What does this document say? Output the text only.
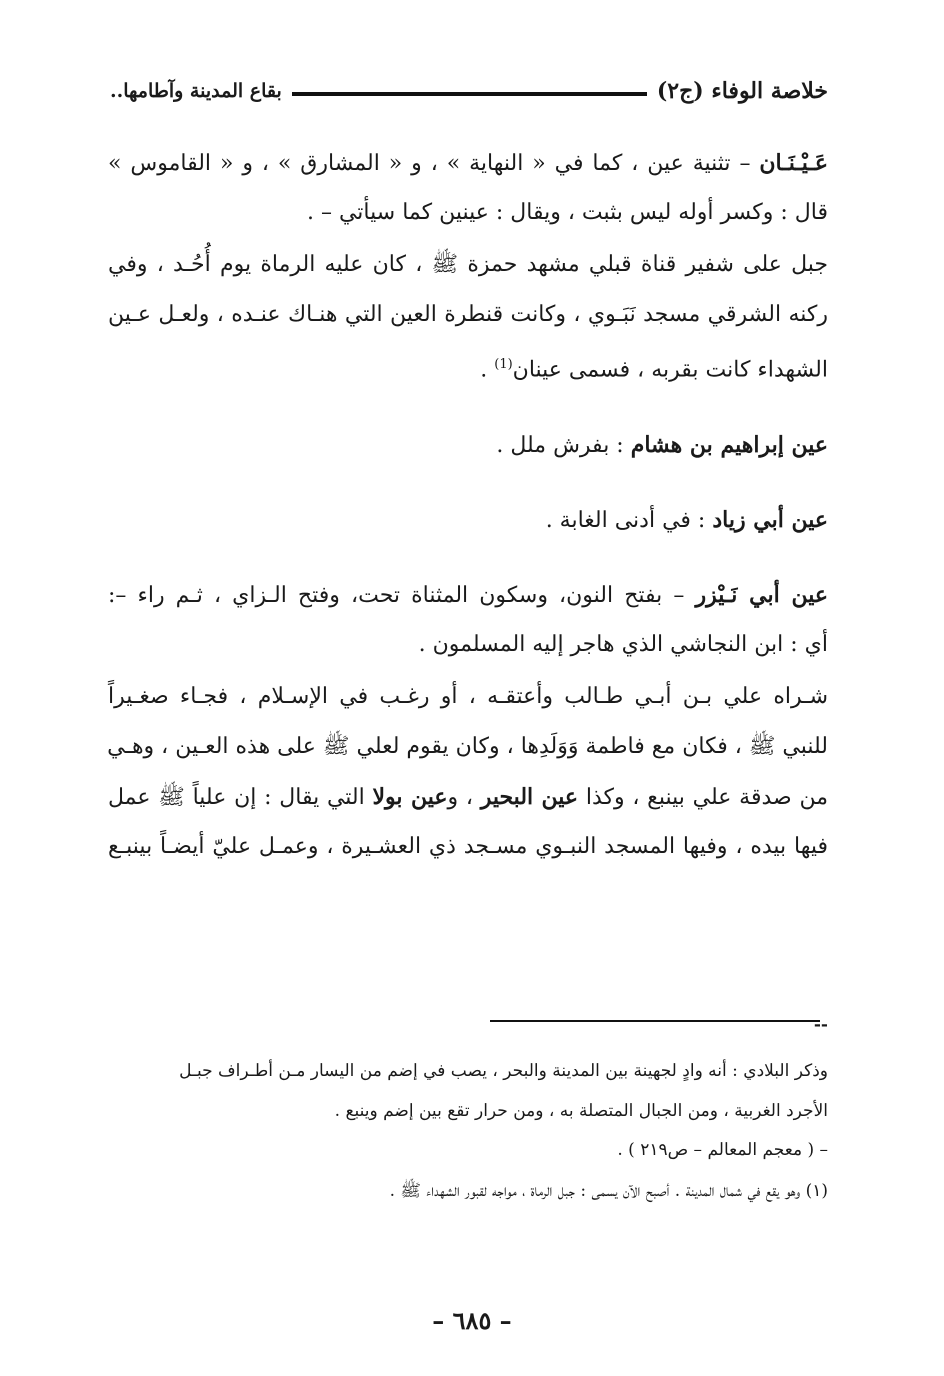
خلاصة الوفاء (ج٢)
بقاع المدينة وآطامها..
عَـيْـنَـان – تثنية عين ، كما في « النهاية » ، و « المشارق » ، و « القاموس »
قال : وكسر أوله ليس بثبت ، ويقال : عينين كما سيأتي – .
جبل على شفير قناة قبلي مشهد حمزة ﷺ ، كان عليه الرماة يوم أُحُـد ، وفي
ركنه الشرقي مسجد نَبَـوي ، وكانت قنطرة العين التي هنـاك عنـده ، ولعـل عـين
الشهداء كانت بقربه ، فسمى عينان$^{(1)}$ .
عين إبراهيم بن هشام : بفرش ملل .
عين أبي زياد : في أدنى الغابة .
عين أبي نَـيْزر – بفتح النون، وسكون المثناة تحت، وفتح الـزاي ، ثـم راء –:
أي : ابن النجاشي الذي هاجر إليه المسلمون .
شـراه علي بـن أبـي طـالب وأعتقـه ، أو رغـب في الإسـلام ، فجـاء صغـيراً
للنبي ﷺ ، فكان مع فاطمة وَوَلَدِها ، وكان يقوم لعلي ﷺ على هذه العـين ، وهـي
من صدقة علي بينبع ، وكذا عين البحير ، وعين بولا التي يقال : إن علياً ﷺ عمل
فيها بيده ، وفيها المسجد النبـوي مسـجد ذي العشـيرة ، وعمـل عليّ أيضـاً بينبـع
--
وذكر البلادي : أنه وادٍ لجهينة بين المدينة والبحر ، يصب في إضم من اليسار مـن أطـراف جبـل
الأجرد الغربية ، ومن الجبال المتصلة به ، ومن حرار تقع بين إضم وينبع .
– ( معجم المعالم – ص٢١٩ ) .
(١) وهو يقع في شمال المدينة . أصبح الآن يسمى : جبل الرماة ، مواجه لقبور الشهداء ﷺ .
– ٦٨٥ –
